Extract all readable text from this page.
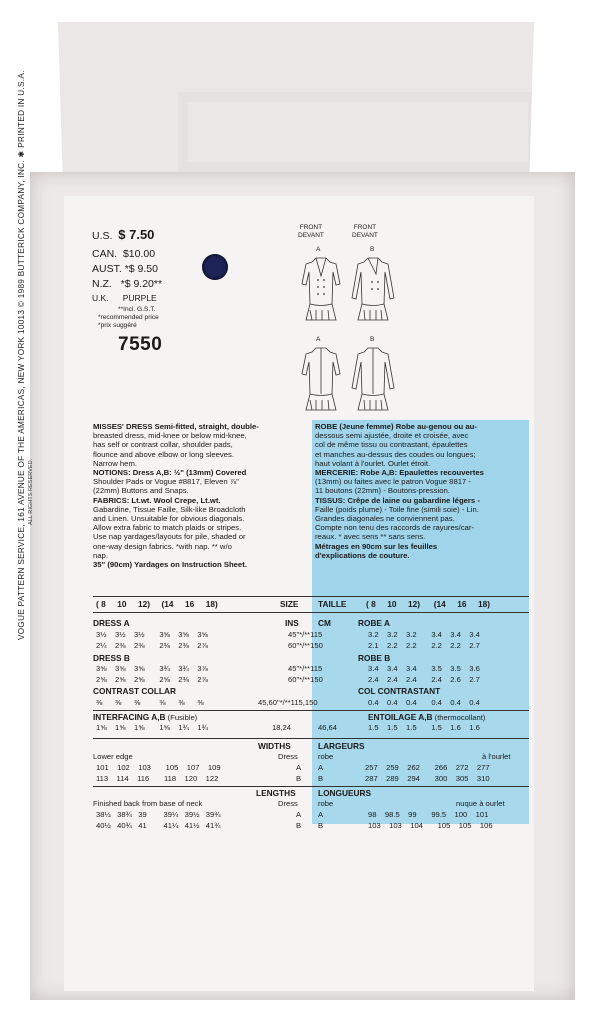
VOGUE PATTERN SERVICE, 161 AVENUE OF THE AMERICAS, NEW YORK 10013 © 1989 BUTTERICK COMPANY, INC. ✱ PRINTED IN U.S.A. ALL RIGHTS RESERVED.
U.S. $ 7.50
CAN. $10.00
AUST. *$ 9.50
N.Z. *$ 9.20**
U.K. PURPLE
**Incl. G.S.T.
*recommended price
*prix suggéré
7550
FRONT
DEVANT
FRONT
DEVANT
A	B
A	B
MISSES' DRESS Semi-fitted, straight, double-
breasted dress, mid-knee or below mid-knee,
has self or contrast collar, shoulder pads,
flounce and above elbow or long sleeves.
Narrow hem.
NOTIONS: Dress A,B: ½" (13mm) Covered
Shoulder Pads or Vogue #8817, Eleven ⅞"
(22mm) Buttons and Snaps.
FABRICS: Lt.wt. Wool Crepe, Lt.wt.
Gabardine, Tissue Faille, Silk-like Broadcloth
and Linen. Unsuitable for obvious diagonals.
Allow extra fabric to match plaids or stripes.
Use nap yardages/layouts for pile, shaded or
one-way design fabrics. *with nap. ** w/o
nap.
35" (90cm) Yardages on Instruction Sheet.
ROBE (Jeune femme) Robe au-genou ou au-
dessous semi ajustée, droite et croisée, avec
col de même tissu ou contrastant, épaulettes
et manches au-dessus des coudes ou longues;
haut volant à l'ourlet. Ourlet étroit.
MERCERIE: Robe A,B: Epaulettes recouvertes
(13mm) ou faites avec le patron Vogue 8817 -
11 boutons (22mm) - Boutons-pression.
TISSUS: Crêpe de laine ou gabardine légers -
Faille (poids plume) - Toile fine (simili soie) - Lin.
Grandes diagonales ne conviennent pas.
Compte non tenu des raccords de rayures/car-
reaux. * avec sens ** sans sens.
Métrages en 90cm sur les feuilles
d'explications de couture.
( 8     10     12)     (14     16     18)	SIZE TAILLE ( 8     10     12)      (14     16     18)
DRESS A	INS CM	ROBE A
3½    3½    3½       3⅝    3⅝    3⅝	45"*/**115	3.2    3.2    3.2       3.4    3.4    3.4
2¼    2⅜    2⅜       2⅜    2⅜    2⅞	60"*/**150	2.1    2.2    2.2       2.2    2.2    2.7
DRESS B	ROBE B
3⅝    3⅝    3⅝       3¾    3¾    3⅞	45"*/**115	3.4    3.4    3.4       3.5    3.5    3.6
2⅝    2⅝    2⅝       2⅝    2⅜    2⅞	60"*/**150	2.4    2.4    2.4       2.4    2.6    2.7
CONTRAST COLLAR	COL CONTRASTANT
⅜      ⅜      ⅜         ⅜      ⅜      ⅜	45,60"*/**115,150	0.4    0.4    0.4       0.4    0.4    0.4
INTERFACING A,B (Fusible)	ENTOILAGE A,B (thermocollant)
1⅝    1⅝    1⅝       1⅝    1¾    1¾	18,24	46,64	1.5    1.5    1.5       1.5    1.6    1.6
WIDTHS	LARGEURS
Lower edge	Dress	robe	à l'ourlet
101    102    103       105    107    109	A A	257    259    262       266    272    277
113    114    116       118    120    122	B B	287    289    294       300    305    310
LENGTHS	LONGUEURS
Finished back from base of neck	Dress	robe	nuque à ourlet
38½   38¾   39        39¼   39½   39¾	A A	98    98.5    99       99.5    100    101
40½   40¾   41        41¼   41½   41¾	B B	103    103    104       105    105    106
